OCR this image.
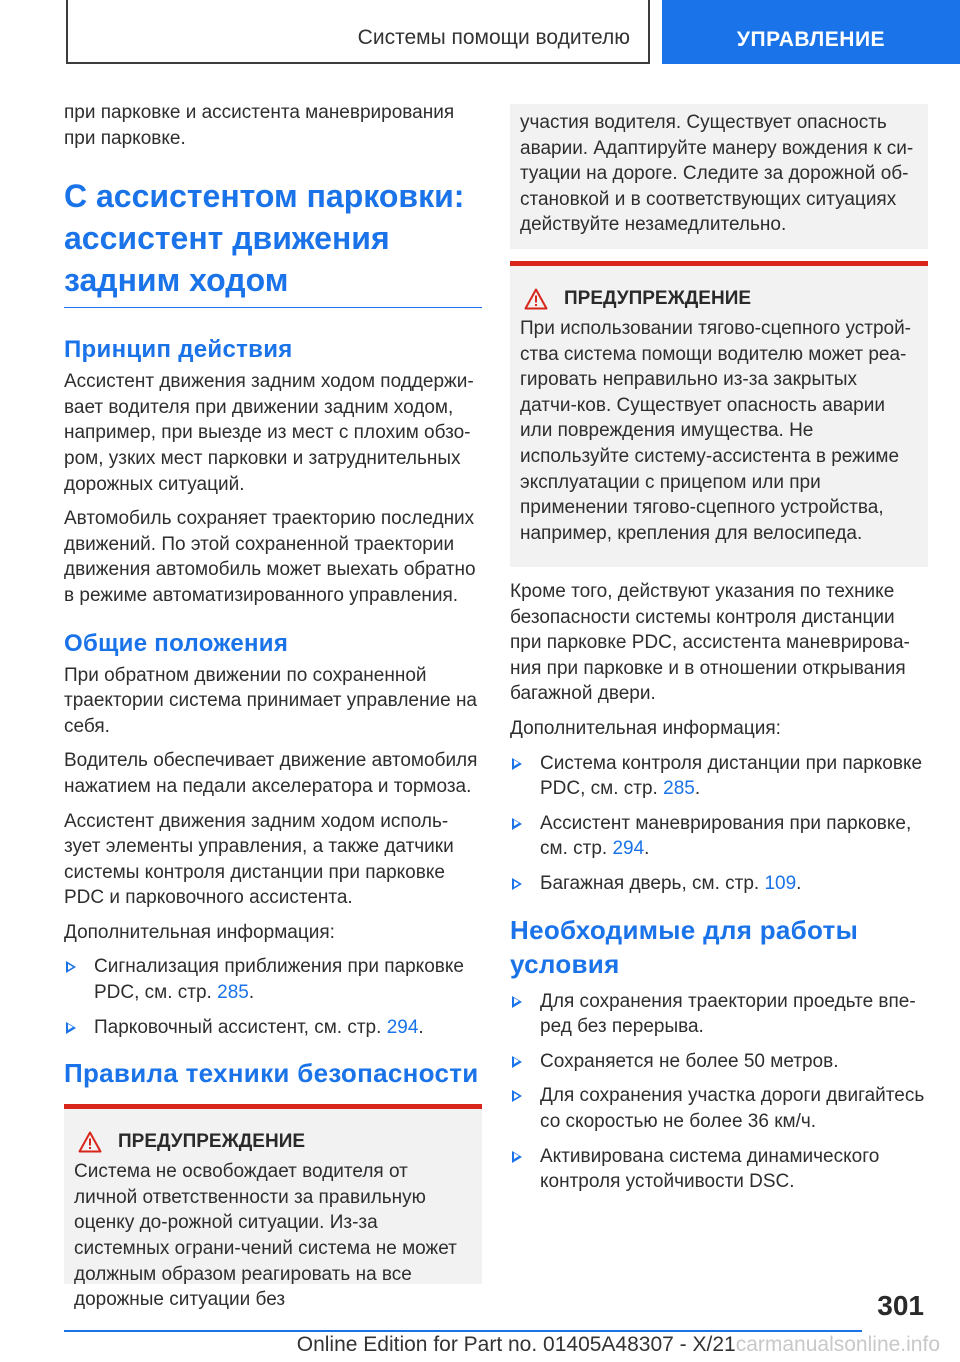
Системы помощи водителю	УПРАВЛЕНИЕ

при парковке и ассистента маневрирования при парковке.

С ассистентом парковки: ассистент движения задним ходом
Принцип действия

Ассистент движения задним ходом поддержи-вает водителя при движении задним ходом, например, при выезде из мест с плохим обзо-ром, узких мест парковки и затруднительных дорожных ситуаций.

Автомобиль сохраняет траекторию последних движений. По этой сохраненной траектории движения автомобиль может выехать обратно в режиме автоматизированного управления.

Общие положения

При обратном движении по сохраненной траектории система принимает управление на себя.

Водитель обеспечивает движение автомобиля нажатием на педали акселератора и тормоза.

Ассистент движения задним ходом исполь-зует элементы управления, а также датчики системы контроля дистанции при парковке PDC и парковочного ассистента.

Дополнительная информация:

Сигнализация приближения при парковке PDC, см. стр. 285.
Парковочный ассистент, см. стр. 294.
Правила техники безопасности
ПРЕДУПРЕЖДЕНИЕ

Система не освобождает водителя от личной ответственности за правильную оценку до-рожной ситуации. Из-за системных ограни-чений система не может должным образом реагировать на все дорожные ситуации без

участия водителя. Существует опасность аварии. Адаптируйте манеру вождения к си-туации на дороге. Следите за дорожной об-становкой и в соответствующих ситуациях действуйте незамедлительно.

ПРЕДУПРЕЖДЕНИЕ

При использовании тягово-сцепного устрой-ства система помощи водителю может реа-гировать неправильно из-за закрытых датчи-ков. Существует опасность аварии или повреждения имущества. Не используйте систему-ассистента в режиме эксплуатации с прицепом или при применении тягово-сцепного устройства, например, крепления для велосипеда.

Кроме того, действуют указания по технике безопасности системы контроля дистанции при парковке PDC, ассистента маневрирова-ния при парковке и в отношении открывания багажной двери.

Дополнительная информация:

Система контроля дистанции при парковке PDC, см. стр. 285.
Ассистент маневрирования при парковке, см. стр. 294.
Багажная дверь, см. стр. 109.
Необходимые для работы условия
Для сохранения траектории проедьте впе-ред без перерыва.
Сохраняется не более 50 метров.
Для сохранения участка дороги двигайтесь со скоростью не более 36 км/ч.
Активирована система динамического контроля устойчивости DSC.
301
Online Edition for Part no. 01405A48307 - X/21carmanualsonline.info
